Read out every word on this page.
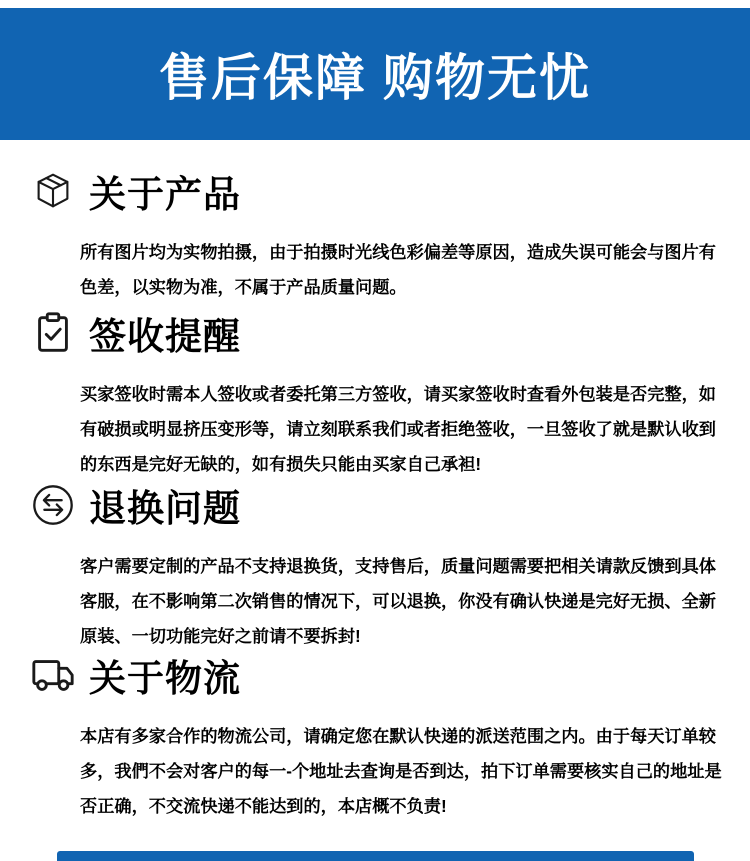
售后保障 购物无忧
关于产品

所有图片均为实物拍摄，由于拍摄时光线色彩偏差等原因，造成失误可能会与图片有色差，以实物为准，不属于产品质量问题。

签收提醒

买家签收时需本人签收或者委托第三方签收，请买家签收时查看外包装是否完整，如有破损或明显挤压变形等，请立刻联系我们或者拒绝签收，一旦签收了就是默认收到的东西是完好无缺的，如有损失只能由买家自己承袒!

退换问题

客户需要定制的产品不支持退换货，支持售后，质量问题需要把相关请款反馈到具体客服，在不影响第二次销售的情况下，可以退换，你没有确认快递是完好无损、全新原装、一切功能完好之前请不要拆封!

关于物流

本店有多家合作的物流公司，请确定您在默认快递的派送范围之内。由于每天订单较多，我們不会对客户的每一-个地址去查询是否到达，拍下订单需要核实自己的地址是否正确，不交流快递不能达到的，本店概不负责!
